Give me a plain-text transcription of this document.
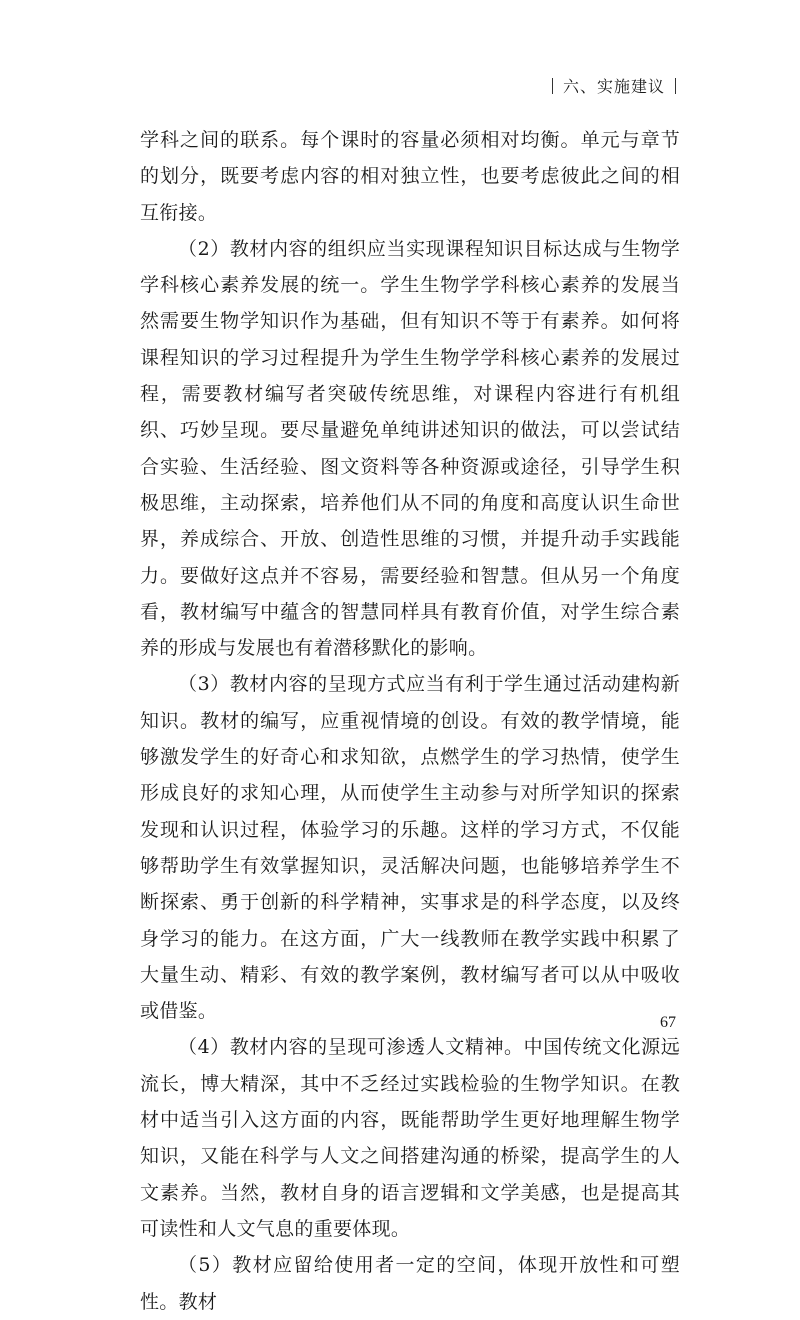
六、实施建议

学科之间的联系。每个课时的容量必须相对均衡。单元与章节的划分，既要考虑内容的相对独立性，也要考虑彼此之间的相互衔接。

（2）教材内容的组织应当实现课程知识目标达成与生物学学科核心素养发展的统一。学生生物学学科核心素养的发展当然需要生物学知识作为基础，但有知识不等于有素养。如何将课程知识的学习过程提升为学生生物学学科核心素养的发展过程，需要教材编写者突破传统思维，对课程内容进行有机组织、巧妙呈现。要尽量避免单纯讲述知识的做法，可以尝试结合实验、生活经验、图文资料等各种资源或途径，引导学生积极思维，主动探索，培养他们从不同的角度和高度认识生命世界，养成综合、开放、创造性思维的习惯，并提升动手实践能力。要做好这点并不容易，需要经验和智慧。但从另一个角度看，教材编写中蕴含的智慧同样具有教育价值，对学生综合素养的形成与发展也有着潜移默化的影响。

（3）教材内容的呈现方式应当有利于学生通过活动建构新知识。教材的编写，应重视情境的创设。有效的教学情境，能够激发学生的好奇心和求知欲，点燃学生的学习热情，使学生形成良好的求知心理，从而使学生主动参与对所学知识的探索发现和认识过程，体验学习的乐趣。这样的学习方式，不仅能够帮助学生有效掌握知识，灵活解决问题，也能够培养学生不断探索、勇于创新的科学精神，实事求是的科学态度，以及终身学习的能力。在这方面，广大一线教师在教学实践中积累了大量生动、精彩、有效的教学案例，教材编写者可以从中吸收或借鉴。

（4）教材内容的呈现可渗透人文精神。中国传统文化源远流长，博大精深，其中不乏经过实践检验的生物学知识。在教材中适当引入这方面的内容，既能帮助学生更好地理解生物学知识，又能在科学与人文之间搭建沟通的桥梁，提高学生的人文素养。当然，教材自身的语言逻辑和文学美感，也是提高其可读性和人文气息的重要体现。

（5）教材应留给使用者一定的空间，体现开放性和可塑性。教材

67
